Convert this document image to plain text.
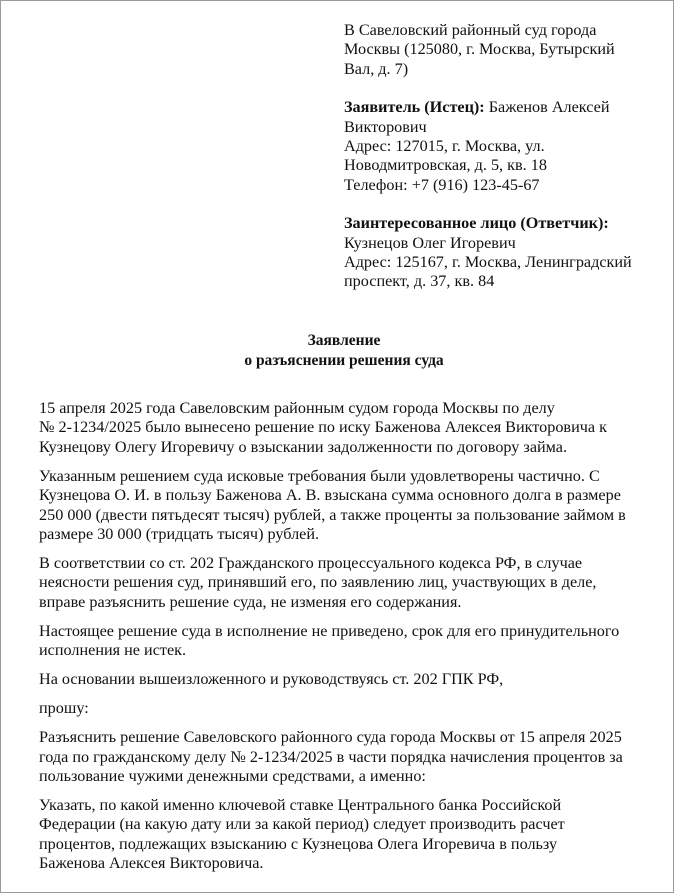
В Савеловский районный суд города
Москвы (125080, г. Москва, Бутырский
Вал, д. 7)
Заявитель (Истец): Баженов Алексей
Викторович
Адрес: 127015, г. Москва, ул.
Новодмитровская, д. 5, кв. 18
Телефон: +7 (916) 123-45-67
Заинтересованное лицо (Ответчик):
Кузнецов Олег Игоревич
Адрес: 125167, г. Москва, Ленинградский
проспект, д. 37, кв. 84
Заявление
о разъяснении решения суда

15 апреля 2025 года Савеловским районным судом города Москвы по делу
№ 2-1234/2025 было вынесено решение по иску Баженова Алексея Викторовича к
Кузнецову Олегу Игоревичу о взыскании задолженности по договору займа.

Указанным решением суда исковые требования были удовлетворены частично. С
Кузнецова О. И. в пользу Баженова А. В. взыскана сумма основного долга в размере
250 000 (двести пятьдесят тысяч) рублей, а также проценты за пользование займом в
размере 30 000 (тридцать тысяч) рублей.

В соответствии со ст. 202 Гражданского процессуального кодекса РФ, в случае
неясности решения суд, принявший его, по заявлению лиц, участвующих в деле,
вправе разъяснить решение суда, не изменяя его содержания.

Настоящее решение суда в исполнение не приведено, срок для его принудительного
исполнения не истек.

На основании вышеизложенного и руководствуясь ст. 202 ГПК РФ,

прошу:

Разъяснить решение Савеловского районного суда города Москвы от 15 апреля 2025
года по гражданскому делу № 2-1234/2025 в части порядка начисления процентов за
пользование чужими денежными средствами, а именно:

Указать, по какой именно ключевой ставке Центрального банка Российской
Федерации (на какую дату или за какой период) следует производить расчет
процентов, подлежащих взысканию с Кузнецова Олега Игоревича в пользу
Баженова Алексея Викторовича.
